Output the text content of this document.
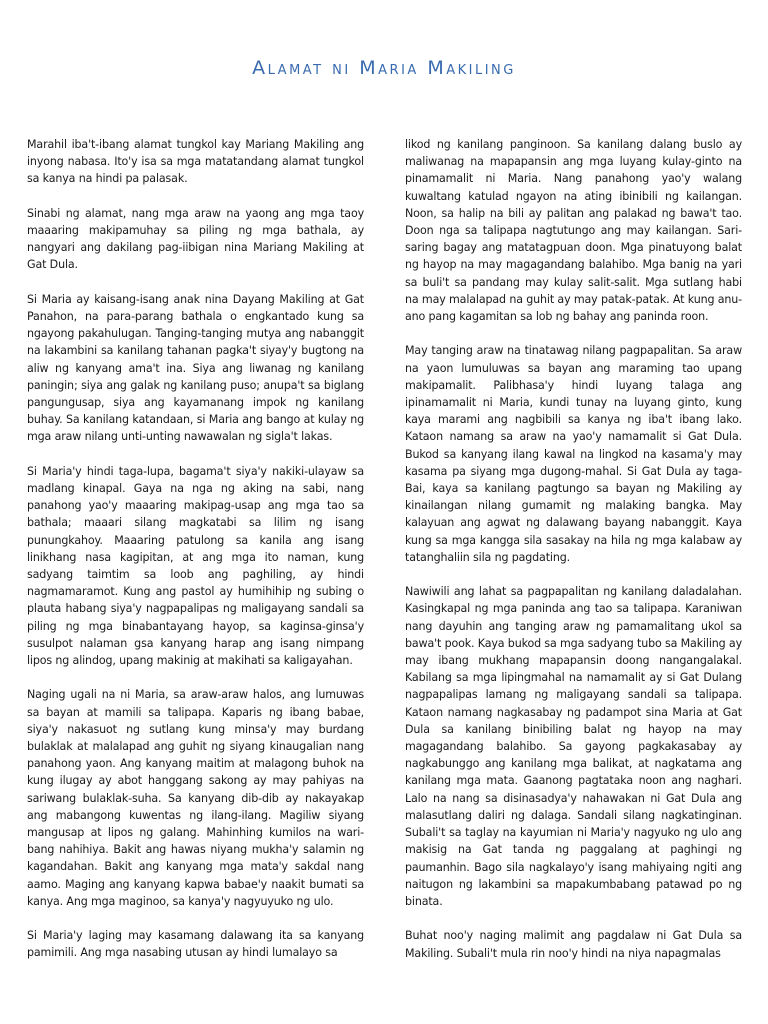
Alamat ni Maria Makiling

Marahil iba't-ibang alamat tungkol kay Mariang Makiling ang inyong nabasa. Ito'y isa sa mga matatandang alamat tungkol sa kanya na hindi pa palasak.

Sinabi ng alamat, nang mga araw na yaong ang mga taoy maaaring makipamuhay sa piling ng mga bathala, ay nangyari ang dakilang pag-iibigan nina Mariang Makiling at Gat Dula.

Si Maria ay kaisang-isang anak nina Dayang Makiling at Gat Panahon, na para-parang bathala o engkantado kung sa ngayong pakahulugan. Tanging-tanging mutya ang nabanggit na lakambini sa kanilang tahanan pagka't siyay'y bugtong na aliw ng kanyang ama't ina. Siya ang liwanag ng kanilang paningin; siya ang galak ng kanilang puso; anupa't sa biglang pangungusap, siya ang kayamanang impok ng kanilang buhay. Sa kanilang katandaan, si Maria ang bango at kulay ng mga araw nilang unti-unting nawawalan ng sigla't lakas.

Si Maria'y hindi taga-lupa, bagama't siya'y nakiki-ulayaw sa madlang kinapal. Gaya na nga ng aking na sabi, nang panahong yao'y maaaring makipag-usap ang mga tao sa bathala; maaari silang magkatabi sa lilim ng isang punungkahoy. Maaaring patulong sa kanila ang isang linikhang nasa kagipitan, at ang mga ito naman, kung sadyang taimtim sa loob ang paghiling, ay hindi nagmamaramot. Kung ang pastol ay humihihip ng subing o plauta habang siya'y nagpapalipas ng maligayang sandali sa piling ng mga binabantayang hayop, sa kaginsa-ginsa'y susulpot nalaman gsa kanyang harap ang isang nimpang lipos ng alindog, upang makinig at makihati sa kaligayahan.

Naging ugali na ni Maria, sa araw-araw halos, ang lumuwas sa bayan at mamili sa talipapa. Kaparis ng ibang babae, siya'y nakasuot ng sutlang kung minsa'y may burdang bulaklak at malalapad ang guhit ng siyang kinaugalian nang panahong yaon. Ang kanyang maitim at malagong buhok na kung ilugay ay abot hanggang sakong ay may pahiyas na sariwang bulaklak-suha. Sa kanyang dib-dib ay nakayakap ang mabangong kuwentas ng ilang-ilang. Magiliw siyang mangusap at lipos ng galang. Mahinhing kumilos na wari-bang nahihiya. Bakit ang hawas niyang mukha'y salamin ng kagandahan. Bakit ang kanyang mga mata'y sakdal nang aamo. Maging ang kanyang kapwa babae'y naakit bumati sa kanya. Ang mga maginoo, sa kanya'y nagyuyuko ng ulo.

Si Maria'y laging may kasamang dalawang ita sa kanyang pamimili. Ang mga nasabing utusan ay hindi lumalayo sa

likod ng kanilang panginoon. Sa kanilang dalang buslo ay maliwanag na mapapansin ang mga luyang kulay-ginto na pinamamalit ni Maria. Nang panahong yao'y walang kuwaltang katulad ngayon na ating ibinibili ng kailangan. Noon, sa halip na bili ay palitan ang palakad ng bawa't tao. Doon nga sa talipapa nagtutungo ang may kailangan. Sari-saring bagay ang matatagpuan doon. Mga pinatuyong balat ng hayop na may magagandang balahibo. Mga banig na yari sa buli't sa pandang may kulay salit-salit. Mga sutlang habi na may malalapad na guhit ay may patak-patak. At kung anu-ano pang kagamitan sa lob ng bahay ang paninda roon.

May tanging araw na tinatawag nilang pagpapalitan. Sa araw na yaon lumuluwas sa bayan ang maraming tao upang makipamalit. Palibhasa'y hindi luyang talaga ang ipinamamalit ni Maria, kundi tunay na luyang ginto, kung kaya marami ang nagbibili sa kanya ng iba't ibang lako. Kataon namang sa araw na yao'y namamalit si Gat Dula. Bukod sa kanyang ilang kawal na lingkod na kasama'y may kasama pa siyang mga dugong-mahal. Si Gat Dula ay taga-Bai, kaya sa kanilang pagtungo sa bayan ng Makiling ay kinailangan nilang gumamit ng malaking bangka. May kalayuan ang agwat ng dalawang bayang nabanggit. Kaya kung sa mga kangga sila sasakay na hila ng mga kalabaw ay tatanghaliin sila ng pagdating.

Nawiwili ang lahat sa pagpapalitan ng kanilang daladalahan. Kasingkapal ng mga paninda ang tao sa talipapa. Karaniwan nang dayuhin ang tanging araw ng pamamalitang ukol sa bawa't pook. Kaya bukod sa mga sadyang tubo sa Makiling ay may ibang mukhang mapapansin doong nangangalakal. Kabilang sa mga lipingmahal na namamalit ay si Gat Dulang nagpapalipas lamang ng maligayang sandali sa talipapa. Kataon namang nagkasabay ng padampot sina Maria at Gat Dula sa kanilang binibiling balat ng hayop na may magagandang balahibo. Sa gayong pagkakasabay ay nagkabunggo ang kanilang mga balikat, at nagkatama ang kanilang mga mata. Gaanong pagtataka noon ang naghari. Lalo na nang sa disinasadya'y nahawakan ni Gat Dula ang malasutlang daliri ng dalaga. Sandali silang nagkatinginan. Subali't sa taglay na kayumian ni Maria'y nagyuko ng ulo ang makisig na Gat tanda ng paggalang at paghingi ng paumanhin. Bago sila nagkalayo'y isang mahiyaing ngiti ang naitugon ng lakambini sa mapakumbabang patawad po ng binata.

Buhat noo'y naging malimit ang pagdalaw ni Gat Dula sa Makiling. Subali't mula rin noo'y hindi na niya napagmalas
